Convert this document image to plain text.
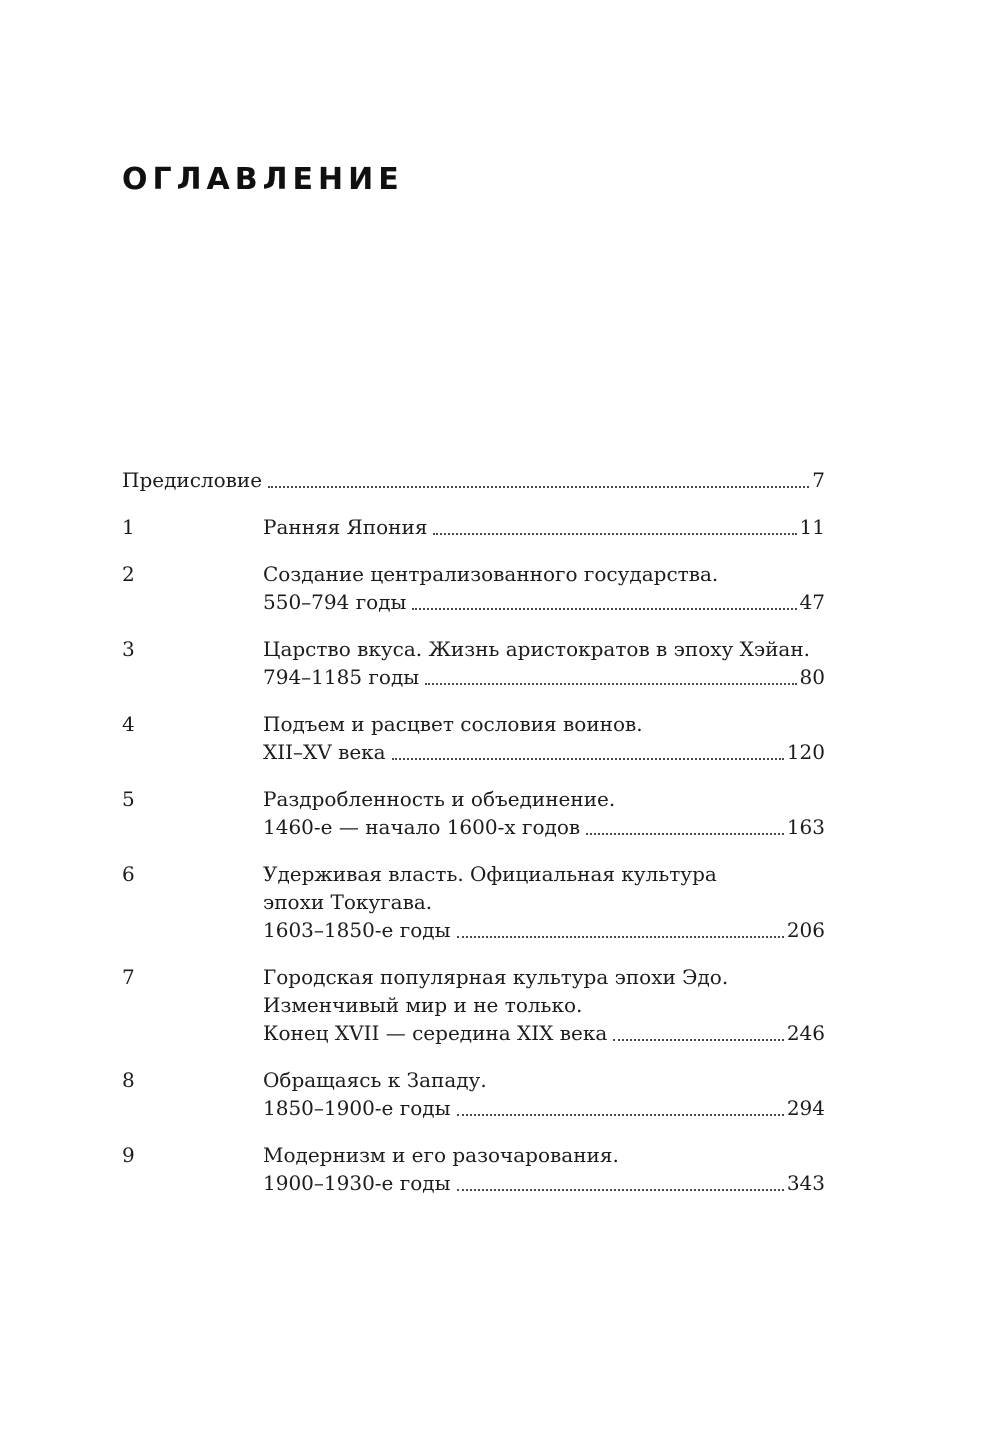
ОГЛАВЛЕНИЕ
Предисловие	7
1	Ранняя Япония	11
2	Создание централизованного государства.
550–794 годы	47
3	Царство вкуса. Жизнь аристократов в эпоху Хэйан.
794–1185 годы	80
4	Подъем и расцвет сословия воинов.
XII–XV века	120
5	Раздробленность и объединение.
1460-е — начало 1600-х годов	163
6	Удерживая власть. Официальная культура
эпохи Токугава.
1603–1850-е годы	206
7	Городская популярная культура эпохи Эдо.
Изменчивый мир и не только.
Конец XVII — середина XIX века	246
8	Обращаясь к Западу.
1850–1900-е годы	294
9	Модернизм и его разочарования.
1900–1930-е годы	343
